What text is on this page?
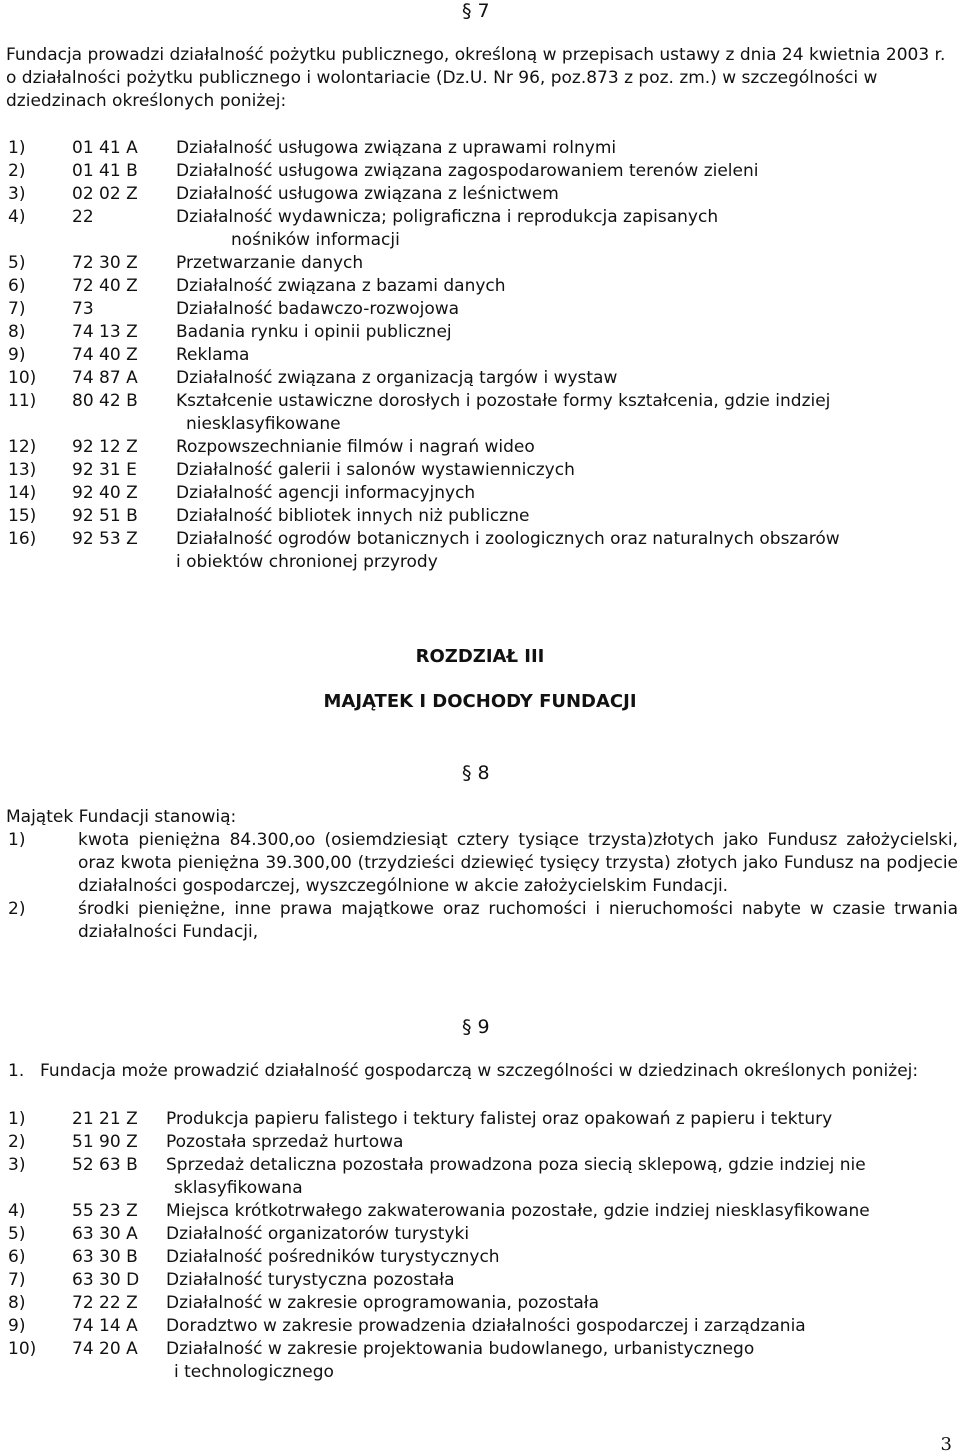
§ 7
Fundacja prowadzi działalność pożytku publicznego, określoną w przepisach ustawy z dnia 24 kwietnia 2003 r. o działalności pożytku publicznego i wolontariacie (Dz.U. Nr 96, poz.873 z poz. zm.) w szczególności w dziedzinach określonych poniżej:
1)	01 41 A Działalność usługowa związana z uprawami rolnymi
2)	01 41 B Działalność usługowa związana zagospodarowaniem terenów zieleni
3)	02 02 Z Działalność usługowa związana z leśnictwem
4)	22	Działalność wydawnicza; poligraficzna i reprodukcja zapisanych
nośników informacji
5)	72 30 Z Przetwarzanie danych
6)	72 40 Z Działalność związana z bazami danych
7)	73	Działalność badawczo-rozwojowa
8)	74 13 Z Badania rynku i opinii publicznej
9)	74 40 Z Reklama
10) 74 87 A Działalność związana z organizacją targów i wystaw
11) 80 42 B Kształcenie ustawiczne dorosłych i pozostałe formy kształcenia, gdzie indziej
niesklasyfikowane
12) 92 12 Z Rozpowszechnianie filmów i nagrań wideo
13) 92 31 E Działalność galerii i salonów wystawienniczych
14) 92 40 Z Działalność agencji informacyjnych
15) 92 51 B Działalność bibliotek innych niż publiczne
16) 92 53 Z Działalność ogrodów botanicznych i zoologicznych oraz naturalnych obszarów
i obiektów chronionej przyrody
ROZDZIAŁ III
MAJĄTEK I DOCHODY FUNDACJI
§ 8
Majątek Fundacji stanowią:
1)	kwota pieniężna 84.300,oo (osiemdziesiąt cztery tysiące trzysta)złotych jako Fundusz założycielski, oraz kwota pieniężna 39.300,00 (trzydzieści dziewięć tysięcy trzysta) złotych jako Fundusz na podjecie działalności gospodarczej, wyszczególnione w akcie założycielskim Fundacji.
2)	środki pieniężne, inne prawa majątkowe oraz ruchomości i nieruchomości nabyte w czasie trwania działalności Fundacji,
§ 9
1. Fundacja może prowadzić działalność gospodarczą w szczególności w dziedzinach określonych poniżej:
1)	21 21 Z Produkcja papieru falistego i tektury falistej oraz opakowań z papieru i tektury
2)	51 90 Z Pozostała sprzedaż hurtowa
3)	52 63 B Sprzedaż detaliczna pozostała prowadzona poza siecią sklepową, gdzie indziej nie
sklasyfikowana
4)	55 23 Z Miejsca krótkotrwałego zakwaterowania pozostałe, gdzie indziej niesklasyfikowane
5)	63 30 A Działalność organizatorów turystyki
6)	63 30 B Działalność pośredników turystycznych
7)	63 30 D Działalność turystyczna pozostała
8)	72 22 Z Działalność w zakresie oprogramowania, pozostała
9)	74 14 A Doradztwo w zakresie prowadzenia działalności gospodarczej i zarządzania
10) 74 20 A Działalność w zakresie projektowania budowlanego, urbanistycznego
i technologicznego
3
